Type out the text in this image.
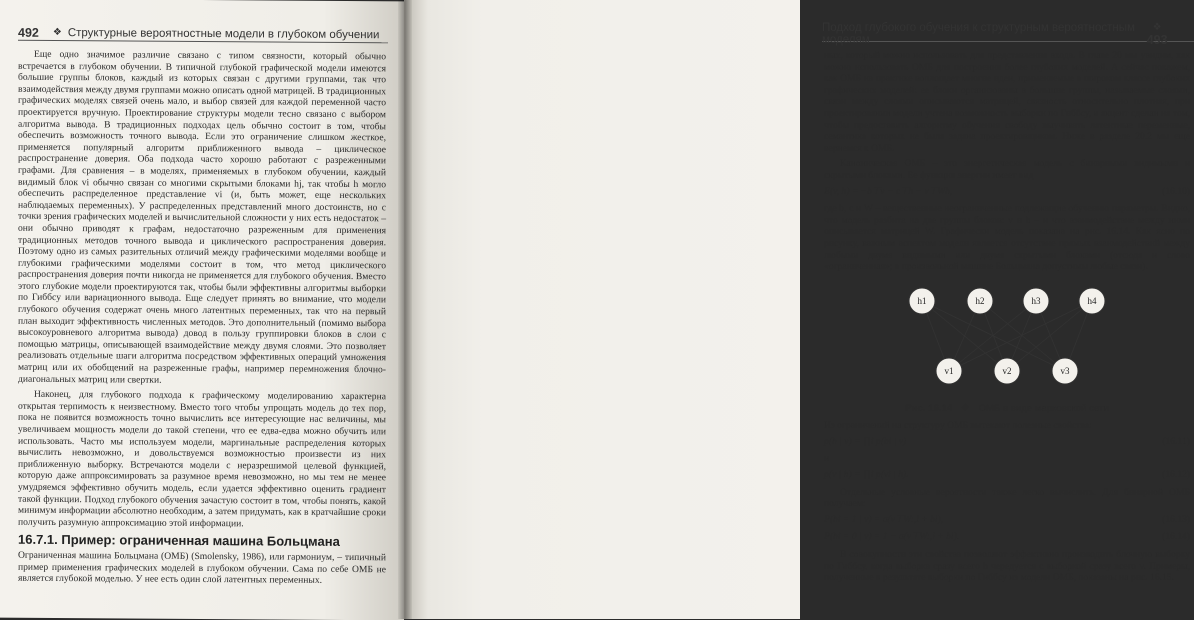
492 ❖ Структурные вероятностные модели в глубоком обучении

Еще одно значимое различие связано с типом связности, который обычно встречается в глубоком обучении. В типичной глубокой графической модели имеются большие группы блоков, каждый из которых связан с другими группами, так что взаимодействия между двумя группами можно описать одной матрицей. В традиционных графических моделях связей очень мало, и выбор связей для каждой переменной часто проектируется вручную. Проектирование структуры модели тесно связано с выбором алгоритма вывода. В традиционных подходах цель обычно состоит в том, чтобы обеспечить возможность точного вывода. Если это ограничение слишком жесткое, применяется популярный алгоритм приближенного вывода – циклическое распространение доверия. Оба подхода часто хорошо работают с разреженными графами. Для сравнения – в моделях, применяемых в глубоком обучении, каждый видимый блок vi обычно связан со многими скрытыми блоками hj, так чтобы h могло обеспечить распределенное представление vi (и, быть может, еще нескольких наблюдаемых переменных). У распределенных представлений много достоинств, но с точки зрения графических моделей и вычислительной сложности у них есть недостаток – они обычно приводят к графам, недостаточно разреженным для применения традиционных методов точного вывода и циклического распространения доверия. Поэтому одно из самых разительных отличий между графическими моделями вообще и глубокими графическими моделями состоит в том, что метод циклического распространения доверия почти никогда не применяется для глубокого обучения. Вместо этого глубокие модели проектируются так, чтобы были эффективны алгоритмы выборки по Гиббсу или вариационного вывода. Еще следует принять во внимание, что модели глубокого обучения содержат очень много латентных переменных, так что на первый план выходит эффективность численных методов. Это дополнительный (помимо выбора высокоуровневого алгоритма вывода) довод в пользу группировки блоков в слои с помощью матрицы, описывающей взаимодействие между двумя слоями. Это позволяет реализовать отдельные шаги алгоритма посредством эффективных операций умножения матриц или их обобщений на разреженные графы, например перемножения блочно-диагональных матриц или свертки.

Наконец, для глубокого подхода к графическому моделированию характерна открытая терпимость к неизвестному. Вместо того чтобы упрощать модель до тех пор, пока не появится возможность точно вычислить все интересующие нас величины, мы увеличиваем мощность модели до такой степени, что ее едва-едва можно обучить или использовать. Часто мы используем модели, маргинальные распределения которых вычислить невозможно, и довольствуемся возможностью произвести из них приближенную выборку. Встречаются модели с неразрешимой целевой функцией, которую даже аппроксимировать за разумное время невозможно, но мы тем не менее умудряемся эффективно обучить модель, если удается эффективно оценить градиент такой функции. Подход глубокого обучения зачастую состоит в том, чтобы понять, какой минимум информации абсолютно необходим, а затем придумать, как в кратчайшие сроки получить разумную аппроксимацию этой информации.

16.7.1. Пример: ограниченная машина Больцмана

Ограниченная машина Больцмана (ОМБ) (Smolensky, 1986), или гармониум, – типичный пример применения графических моделей в глубоком обучении. Сама по себе ОМБ не является глубокой моделью. У нее есть один слой латентных переменных.

Подход глубокого обучения к структурным вероятностным моделям
❖ 493

ных, который можно использовать для представления входа. В главе 20 мы увидим, как можно использовать ОМБ для построения более глубоких моделей. А сейчас покажем, как ОМБ на практике воплощает многие идеи, применяемые в широком классе глубоких графических моделей: ее блоки организованы в большие группы, называемые слоями, связи между слоями описываются матрицей, связность относительно плотная, при проектировании модели учтена возможность выборки по Гиббсу, и акцент сделан на том, чтобы предоставить алгоритму обучения свободу выучивать латентные переменные, семантика которых не была задана проектировщиком. Ниже в разделе 20.2 мы еще вернемся к ОМБ.

Каноническая ОМБ – это энергетическая модель с бинарными видимыми и скрытыми блоками. Ее функция энергии имеет вид

E(v, h) = −b⊤v − c⊤h − v⊤Wh,	(16.10)

где b, c и W – вещественные неограниченные подлежащие обучению параметры. Видно, что модель разбита на две группы блоков: v и h – и что взаимодействие между ними описывается матрицей W. Графически модель показана на рис. 16.14. Как ясно по рисунку, важным аспектом модели является отсутствие прямых взаимодействий между любыми двумя видимыми или двумя скрытыми блоками (отсюда и слово «ограниченная»; в произвольной машине Больцмана допустимы любые связи).

h1	h2	h3	h4
v1	v2	v3
Рис. 16.14 ❖ ОМБ в виде марковской сети

Из ограничений на структуру ОМБ вытекают полезные свойства:

p(h | v) = ∏i p(hi | v)	(16.11)

и

p(v | h) = ∏i p(vi | h).	(16.12)

Отдельные условные вероятности также легко вычислить. Для бинарной ОМБ получаем:

P(hi = 1 | v) = σ(v⊤W:,i + bi),	(16.13)
P(hi = 0 | v) = 1 − σ(v⊤W:,i + bi).	(16.14)

В совокупности эти свойства позволяют эффективно производить блочную выборку по Гиббсу, когда выборка сразу всего h чередуется с выборкой сразу всего v. Примеры, полученные в результате выборки по Гиббсу из модели ОМБ, показаны на рис. 16.15.
